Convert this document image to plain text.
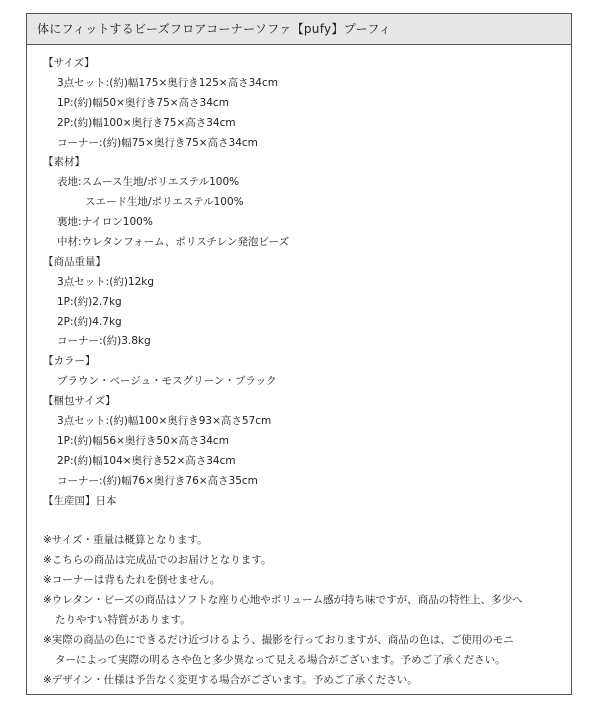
体にフィットするビーズフロアコーナーソファ【pufy】プーフィ
【サイズ】
3点セット:(約)幅175×奥行き125×高さ34cm
1P:(約)幅50×奥行き75×高さ34cm
2P:(約)幅100×奥行き75×高さ34cm
コーナー:(約)幅75×奥行き75×高さ34cm
【素材】
表地:スムース生地/ポリエステル100%
スエード生地/ポリエステル100%
裏地:ナイロン100%
中材:ウレタンフォーム、ポリスチレン発泡ビーズ
【商品重量】
3点セット:(約)12kg
1P:(約)2.7kg
2P:(約)4.7kg
コーナー:(約)3.8kg
【カラー】
ブラウン・ベージュ・モスグリーン・ブラック
【梱包サイズ】
3点セット:(約)幅100×奥行き93×高さ57cm
1P:(約)幅56×奥行き50×高さ34cm
2P:(約)幅104×奥行き52×高さ34cm
コーナー:(約)幅76×奥行き76×高さ35cm
【生産国】日本
※サイズ・重量は概算となります。
※こちらの商品は完成品でのお届けとなります。
※コーナーは背もたれを倒せません。
※ウレタン・ビーズの商品はソフトな座り心地やボリューム感が持ち味ですが、商品の特性上、多少へ
たりやすい特質があります。
※実際の商品の色にできるだけ近づけるよう、撮影を行っておりますが、商品の色は、ご使用のモニ
ターによって実際の明るさや色と多少異なって見える場合がございます。予めご了承ください。
※デザイン・仕様は予告なく変更する場合がございます。予めご了承ください。
